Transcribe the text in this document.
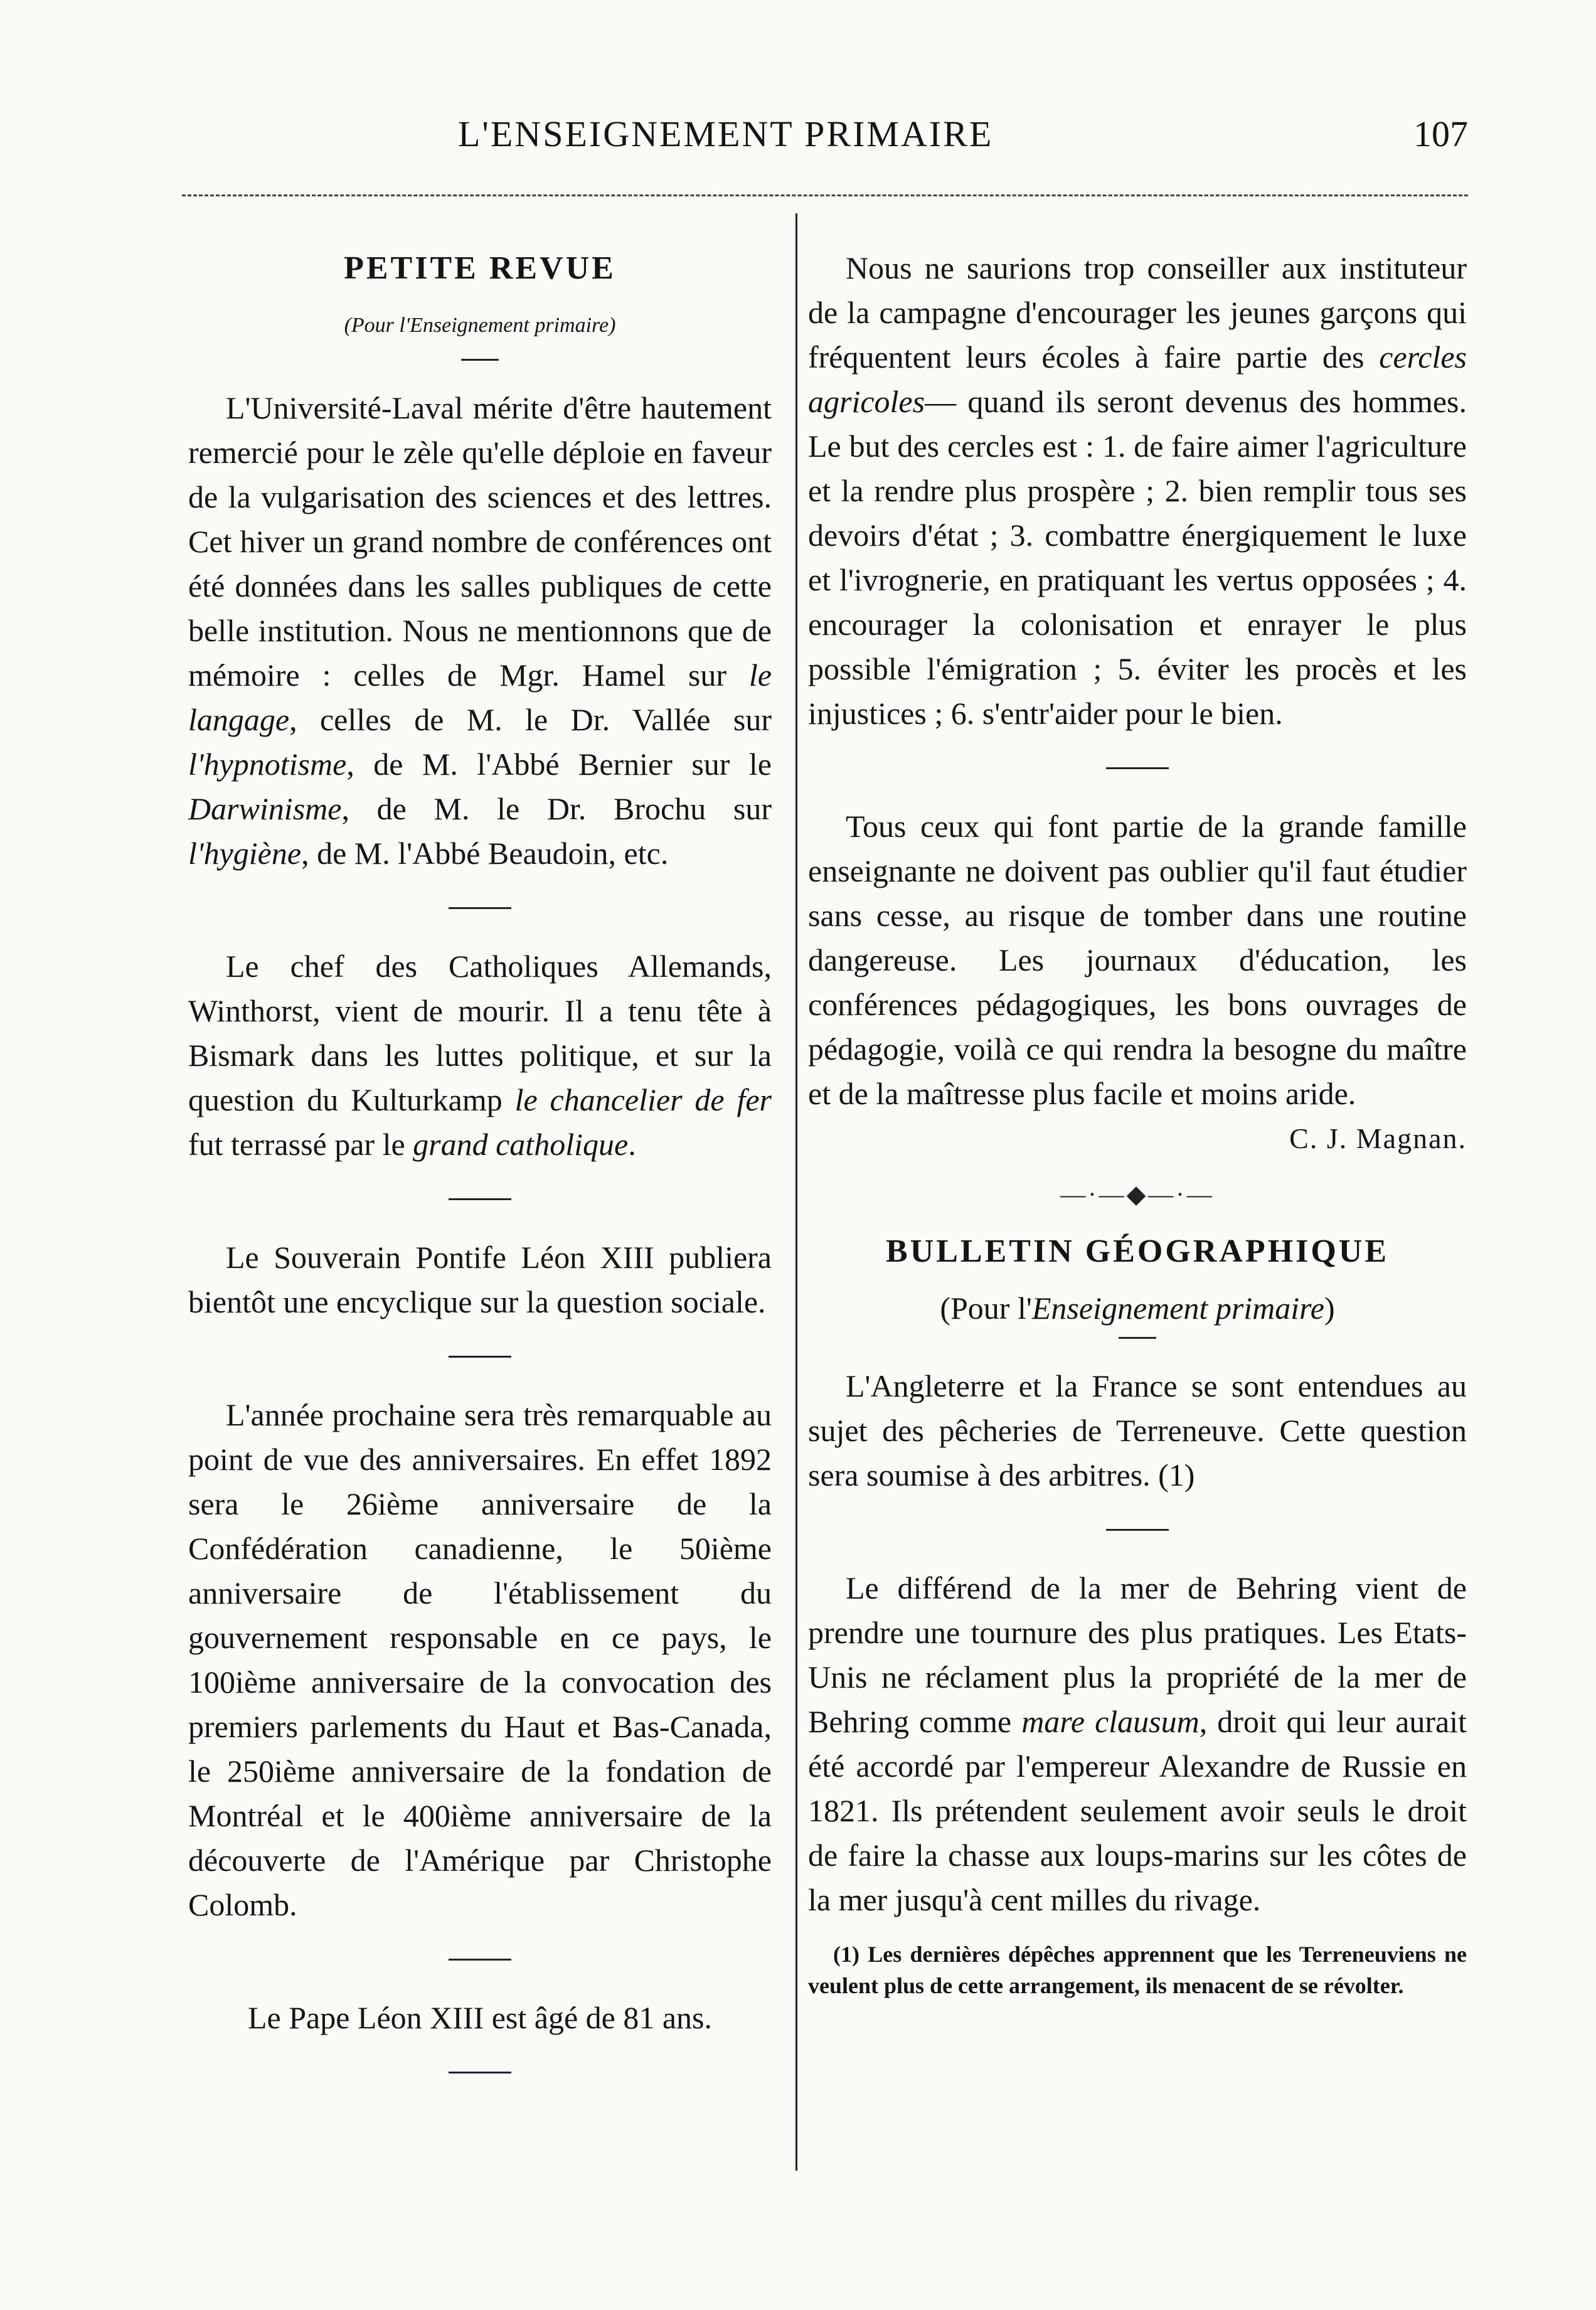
L'ENSEIGNEMENT PRIMAIRE	107

PETITE REVUE

(Pour l'Enseignement primaire)

L'Université-Laval mérite d'être hautement remercié pour le zèle qu'elle déploie en faveur de la vulgarisation des sciences et des lettres. Cet hiver un grand nombre de conférences ont été données dans les salles publiques de cette belle institution. Nous ne mentionnons que de mémoire : celles de Mgr. Hamel sur le langage, celles de M. le Dr. Vallée sur l'hypnotisme, de M. l'Abbé Bernier sur le Darwinisme, de M. le Dr. Brochu sur l'hygiène, de M. l'Abbé Beaudoin, etc.

Le chef des Catholiques Allemands, Winthorst, vient de mourir. Il a tenu tête à Bismark dans les luttes politique, et sur la question du Kulturkamp le chancelier de fer fut terrassé par le grand catholique.

Le Souverain Pontife Léon XIII publiera bientôt une encyclique sur la question sociale.

L'année prochaine sera très remarquable au point de vue des anniversaires. En effet 1892 sera le 26ième anniversaire de la Confédération canadienne, le 50ième anniversaire de l'établissement du gouvernement responsable en ce pays, le 100ième anniversaire de la convocation des premiers parlements du Haut et Bas-Canada, le 250ième anniversaire de la fondation de Montréal et le 400ième anniversaire de la découverte de l'Amérique par Christophe Colomb.

Le Pape Léon XIII est âgé de 81 ans.

Nous ne saurions trop conseiller aux instituteur de la campagne d'encourager les jeunes garçons qui fréquentent leurs écoles à faire partie des cercles agricoles— quand ils seront devenus des hommes. Le but des cercles est : 1. de faire aimer l'agriculture et la rendre plus prospère ; 2. bien remplir tous ses devoirs d'état ; 3. combattre énergiquement le luxe et l'ivrognerie, en pratiquant les vertus opposées ; 4. encourager la colonisation et enrayer le plus possible l'émigration ; 5. éviter les procès et les injustices ; 6. s'entr'aider pour le bien.

Tous ceux qui font partie de la grande famille enseignante ne doivent pas oublier qu'il faut étudier sans cesse, au risque de tomber dans une routine dangereuse. Les journaux d'éducation, les conférences pédagogiques, les bons ouvrages de pédagogie, voilà ce qui rendra la besogne du maître et de la maîtresse plus facile et moins aride.

C. J. Magnan.

—·—◆—·—

BULLETIN GÉOGRAPHIQUE

(Pour l'Enseignement primaire)

L'Angleterre et la France se sont entendues au sujet des pêcheries de Terreneuve. Cette question sera soumise à des arbitres. (1)

Le différend de la mer de Behring vient de prendre une tournure des plus pratiques. Les Etats-Unis ne réclament plus la propriété de la mer de Behring comme mare clausum, droit qui leur aurait été accordé par l'empereur Alexandre de Russie en 1821. Ils prétendent seulement avoir seuls le droit de faire la chasse aux loups-marins sur les côtes de la mer jusqu'à cent milles du rivage.

(1) Les dernières dépêches apprennent que les Terreneuviens ne veulent plus de cette arrangement, ils menacent de se révolter.
